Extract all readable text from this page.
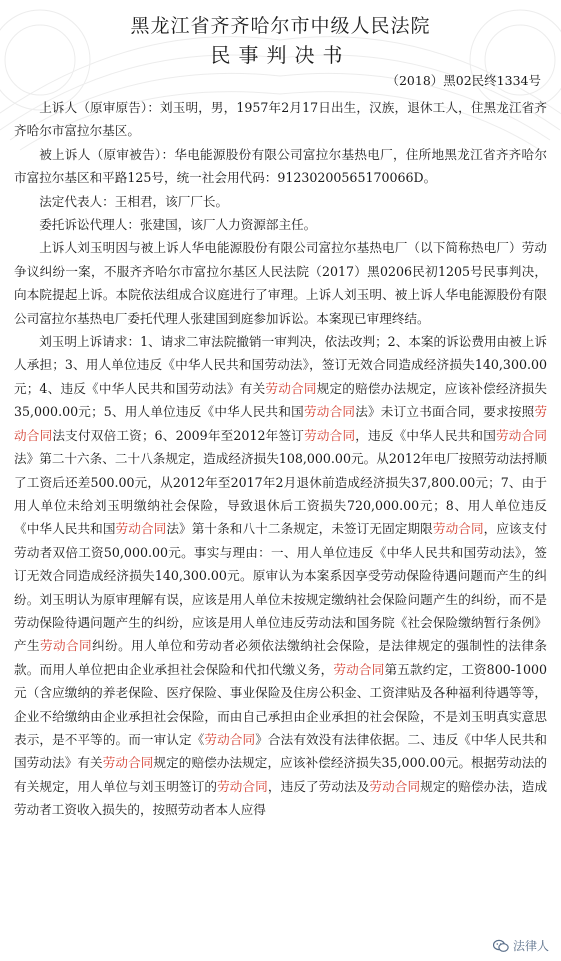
黑龙江省齐齐哈尔市中级人民法院
民事判决书
（2018）黑02民终1334号

上诉人（原审原告）：刘玉明，男，1957年2月17日出生，汉族，退休工人，住黑龙江省齐齐哈尔市富拉尔基区。

被上诉人（原审被告）：华电能源股份有限公司富拉尔基热电厂，住所地黑龙江省齐齐哈尔市富拉尔基区和平路125号，统一社会用代码：91230200565170066D。

法定代表人：王相君，该厂厂长。

委托诉讼代理人：张建国，该厂人力资源部主任。

上诉人刘玉明因与被上诉人华电能源股份有限公司富拉尔基热电厂（以下简称热电厂）劳动争议纠纷一案，不服齐齐哈尔市富拉尔基区人民法院（2017）黑0206民初1205号民事判决，向本院提起上诉。本院依法组成合议庭进行了审理。上诉人刘玉明、被上诉人华电能源股份有限公司富拉尔基热电厂委托代理人张建国到庭参加诉讼。本案现已审理终结。

刘玉明上诉请求：1、请求二审法院撤销一审判决，依法改判；2、本案的诉讼费用由被上诉人承担；3、用人单位违反《中华人民共和国劳动法》，签订无效合同造成经济损失140,300.00元；4、违反《中华人民共和国劳动法》有关劳动合同规定的赔偿办法规定，应该补偿经济损失35,000.00元；5、用人单位违反《中华人民共和国劳动合同法》未订立书面合同，要求按照劳动合同法支付双倍工资；6、2009年至2012年签订劳动合同，违反《中华人民共和国劳动合同法》第二十六条、二十八条规定，造成经济损失108,000.00元。从2012年电厂按照劳动法捋顺了工资后还差500.00元，从2012年至2017年2月退休前造成经济损失37,800.00元；7、由于用人单位未给刘玉明缴纳社会保险，导致退休后工资损失720,000.00元；8、用人单位违反《中华人民共和国劳动合同法》第十条和八十二条规定，未签订无固定期限劳动合同，应该支付劳动者双倍工资50,000.00元。事实与理由：一、用人单位违反《中华人民共和国劳动法》，签订无效合同造成经济损失140,300.00元。原审认为本案系因享受劳动保险待遇问题而产生的纠纷。刘玉明认为原审理解有误，应该是用人单位未按规定缴纳社会保险问题产生的纠纷，而不是劳动保险待遇问题产生的纠纷，应该是用人单位违反劳动法和国务院《社会保险缴纳暂行条例》产生劳动合同纠纷。用人单位和劳动者必须依法缴纳社会保险，是法律规定的强制性的法律条款。而用人单位把由企业承担社会保险和代扣代缴义务，劳动合同第五款约定，工资800-1000元（含应缴纳的养老保险、医疗保险、事业保险及住房公积金、工资津贴及各种福利待遇等等，企业不给缴纳由企业承担社会保险，而由自己承担由企业承担的社会保险，不是刘玉明真实意思表示，是不平等的。而一审认定《劳动合同》合法有效没有法律依据。二、违反《中华人民共和国劳动法》有关劳动合同规定的赔偿办法规定，应该补偿经济损失35,000.00元。根据劳动法的有关规定，用人单位与刘玉明签订的劳动合同，违反了劳动法及劳动合同规定的赔偿办法，造成劳动者工资收入损失的，按照劳动者本人应得

法律人
